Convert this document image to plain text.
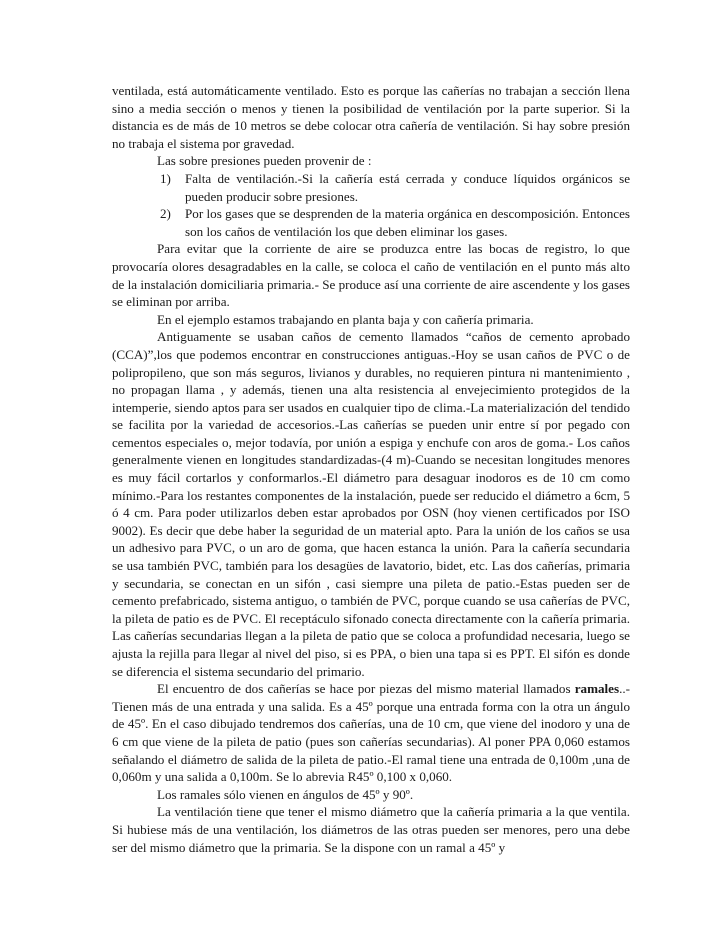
ventilada, está automáticamente ventilado. Esto es porque las cañerías no trabajan a sección llena sino a media sección o menos y tienen la posibilidad de ventilación por la parte superior. Si la distancia es de más de 10 metros se debe colocar otra cañería de ventilación. Si hay sobre presión no trabaja el sistema por gravedad.

Las sobre presiones pueden provenir de :

1) Falta de ventilación.-Si la cañería está cerrada y conduce líquidos orgánicos se pueden producir sobre presiones.
2) Por los gases que se desprenden de la materia orgánica en descomposición. Entonces son los caños de ventilación los que deben eliminar los gases.

Para evitar que la corriente de aire se produzca entre las bocas de registro, lo que provocaría olores desagradables en la calle, se coloca el caño de ventilación en el punto más alto de la instalación domiciliaria primaria.- Se produce así una corriente de aire ascendente y los gases se eliminan por arriba.

En el ejemplo estamos trabajando en planta baja y con cañería primaria.

Antiguamente se usaban caños de cemento llamados “caños de cemento aprobado (CCA)”,los que podemos encontrar en construcciones antiguas.-Hoy se usan caños de PVC o de polipropileno, que son más seguros, livianos y durables, no requieren pintura ni mantenimiento , no propagan llama , y además, tienen una alta resistencia al envejecimiento protegidos de la intemperie, siendo aptos para ser usados en cualquier tipo de clima.-La materialización del tendido se facilita por la variedad de accesorios.-Las cañerías se pueden unir entre sí por pegado con cementos especiales o, mejor todavía, por unión a espiga y enchufe con aros de goma.- Los caños generalmente vienen en longitudes standardizadas-(4 m)-Cuando se necesitan longitudes menores es muy fácil cortarlos y conformarlos.-El diámetro para desaguar inodoros es de 10 cm como mínimo.-Para los restantes componentes de la instalación, puede ser reducido el diámetro a 6cm, 5 ó 4 cm. Para poder utilizarlos deben estar aprobados por OSN (hoy vienen certificados por ISO 9002). Es decir que debe haber la seguridad de un material apto. Para la unión de los caños se usa un adhesivo para PVC, o un aro de goma, que hacen estanca la unión. Para la cañería secundaria se usa también PVC, también para los desagües de lavatorio, bidet, etc. Las dos cañerías, primaria y secundaria, se conectan en un sifón , casi siempre una pileta de patio.-Estas pueden ser de cemento prefabricado, sistema antiguo, o también de PVC, porque cuando se usa cañerías de PVC, la pileta de patio es de PVC. El receptáculo sifonado conecta directamente con la cañería primaria. Las cañerías secundarias llegan a la pileta de patio que se coloca a profundidad necesaria, luego se ajusta la rejilla para llegar al nivel del piso, si es PPA, o bien una tapa si es PPT. El sifón es donde se diferencia el sistema secundario del primario.

El encuentro de dos cañerías se hace por piezas del mismo material llamados ramales..- Tienen más de una entrada y una salida. Es a 45º porque una entrada forma con la otra un ángulo de 45º. En el caso dibujado tendremos dos cañerías, una de 10 cm, que viene del inodoro y una de 6 cm que viene de la pileta de patio (pues son cañerías secundarias). Al poner PPA 0,060 estamos señalando el diámetro de salida de la pileta de patio.-El ramal tiene una entrada de 0,100m ,una de 0,060m y una salida a 0,100m. Se lo abrevia R45º 0,100 x 0,060.

Los ramales sólo vienen en ángulos de 45º y 90º.

La ventilación tiene que tener el mismo diámetro que la cañería primaria a la que ventila. Si hubiese más de una ventilación, los diámetros de las otras pueden ser menores, pero una debe ser del mismo diámetro que la primaria. Se la dispone con un ramal a 45º y
